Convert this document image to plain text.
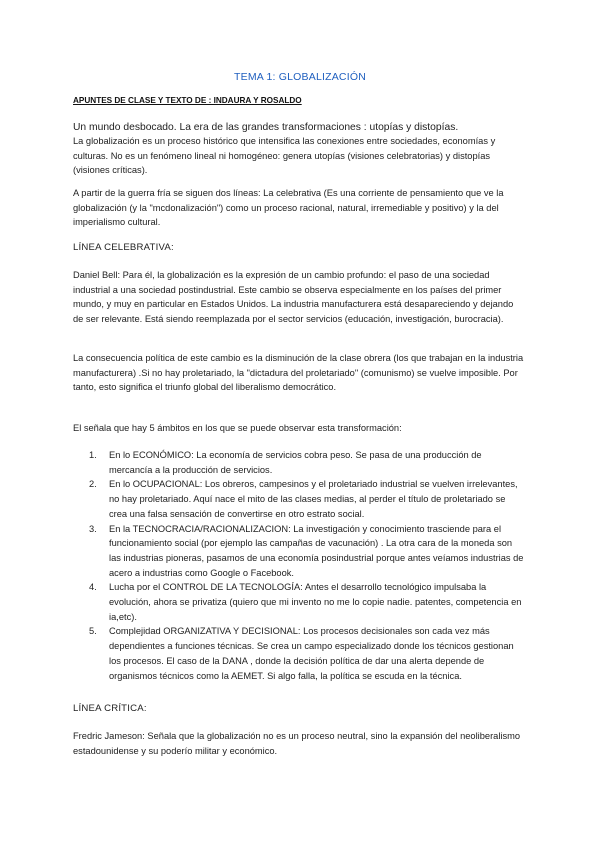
TEMA 1: GLOBALIZACIÓN
APUNTES DE CLASE Y TEXTO DE : INDAURA Y ROSALDO
Un mundo desbocado. La era de las grandes transformaciones : utopías y distopías.
La globalización es un proceso histórico que intensifica las conexiones entre sociedades, economías y culturas. No es un fenómeno lineal ni homogéneo: genera utopías (visiones celebratorias) y distopías (visiones críticas).
A partir de la guerra fría se siguen dos líneas: La celebrativa (Es una corriente de pensamiento que ve la globalización (y la "mcdonalización") como un proceso racional, natural, irremediable y positivo) y la del imperialismo cultural.
LÍNEA CELEBRATIVA:
Daniel Bell: Para él, la globalización es la expresión de un cambio profundo: el paso de una sociedad industrial a una sociedad postindustrial. Este cambio se observa especialmente en los países del primer mundo, y muy en particular en Estados Unidos. La industria manufacturera está desapareciendo y dejando de ser relevante. Está siendo reemplazada por el sector servicios (educación, investigación, burocracia).
La consecuencia política de este cambio es la disminución de la clase obrera (los que trabajan en la industria manufacturera) .Si no hay proletariado, la "dictadura del proletariado" (comunismo) se vuelve imposible. Por tanto, esto significa el triunfo global del liberalismo democrático.
El señala que hay 5 ámbitos en los que se puede observar esta transformación:
1. En lo ECONÓMICO: La economía de servicios cobra peso. Se pasa de una producción de mercancía a la producción de servicios.
2. En lo OCUPACIONAL: Los obreros, campesinos y el proletariado industrial se vuelven irrelevantes, no hay proletariado. Aquí nace el mito de las clases medias, al perder el título de proletariado se crea una falsa sensación de convertirse en otro estrato social.
3. En la TECNOCRACIA/RACIONALIZACION: La investigación y conocimiento trasciende para el funcionamiento social (por ejemplo las campañas de vacunación) . La otra cara de la moneda son las industrias pioneras, pasamos de una economía posindustrial porque antes veíamos industrias de acero a industrias como Google o Facebook.
4. Lucha por el CONTROL DE LA TECNOLOGÍA: Antes el desarrollo tecnológico impulsaba la evolución, ahora se privatiza (quiero que mi invento no me lo copie nadie. patentes, competencia en ia,etc).
5. Complejidad ORGANIZATIVA Y DECISIONAL: Los procesos decisionales son cada vez más dependientes a funciones técnicas. Se crea un campo especializado donde los técnicos gestionan los procesos. El caso de la DANA , donde la decisión política de dar una alerta depende de organismos técnicos como la AEMET. Si algo falla, la política se escuda en la técnica.
LÍNEA CRÍTICA:
Fredric Jameson: Señala que la globalización no es un proceso neutral, sino la expansión del neoliberalismo estadounidense y su poderío militar y económico.
